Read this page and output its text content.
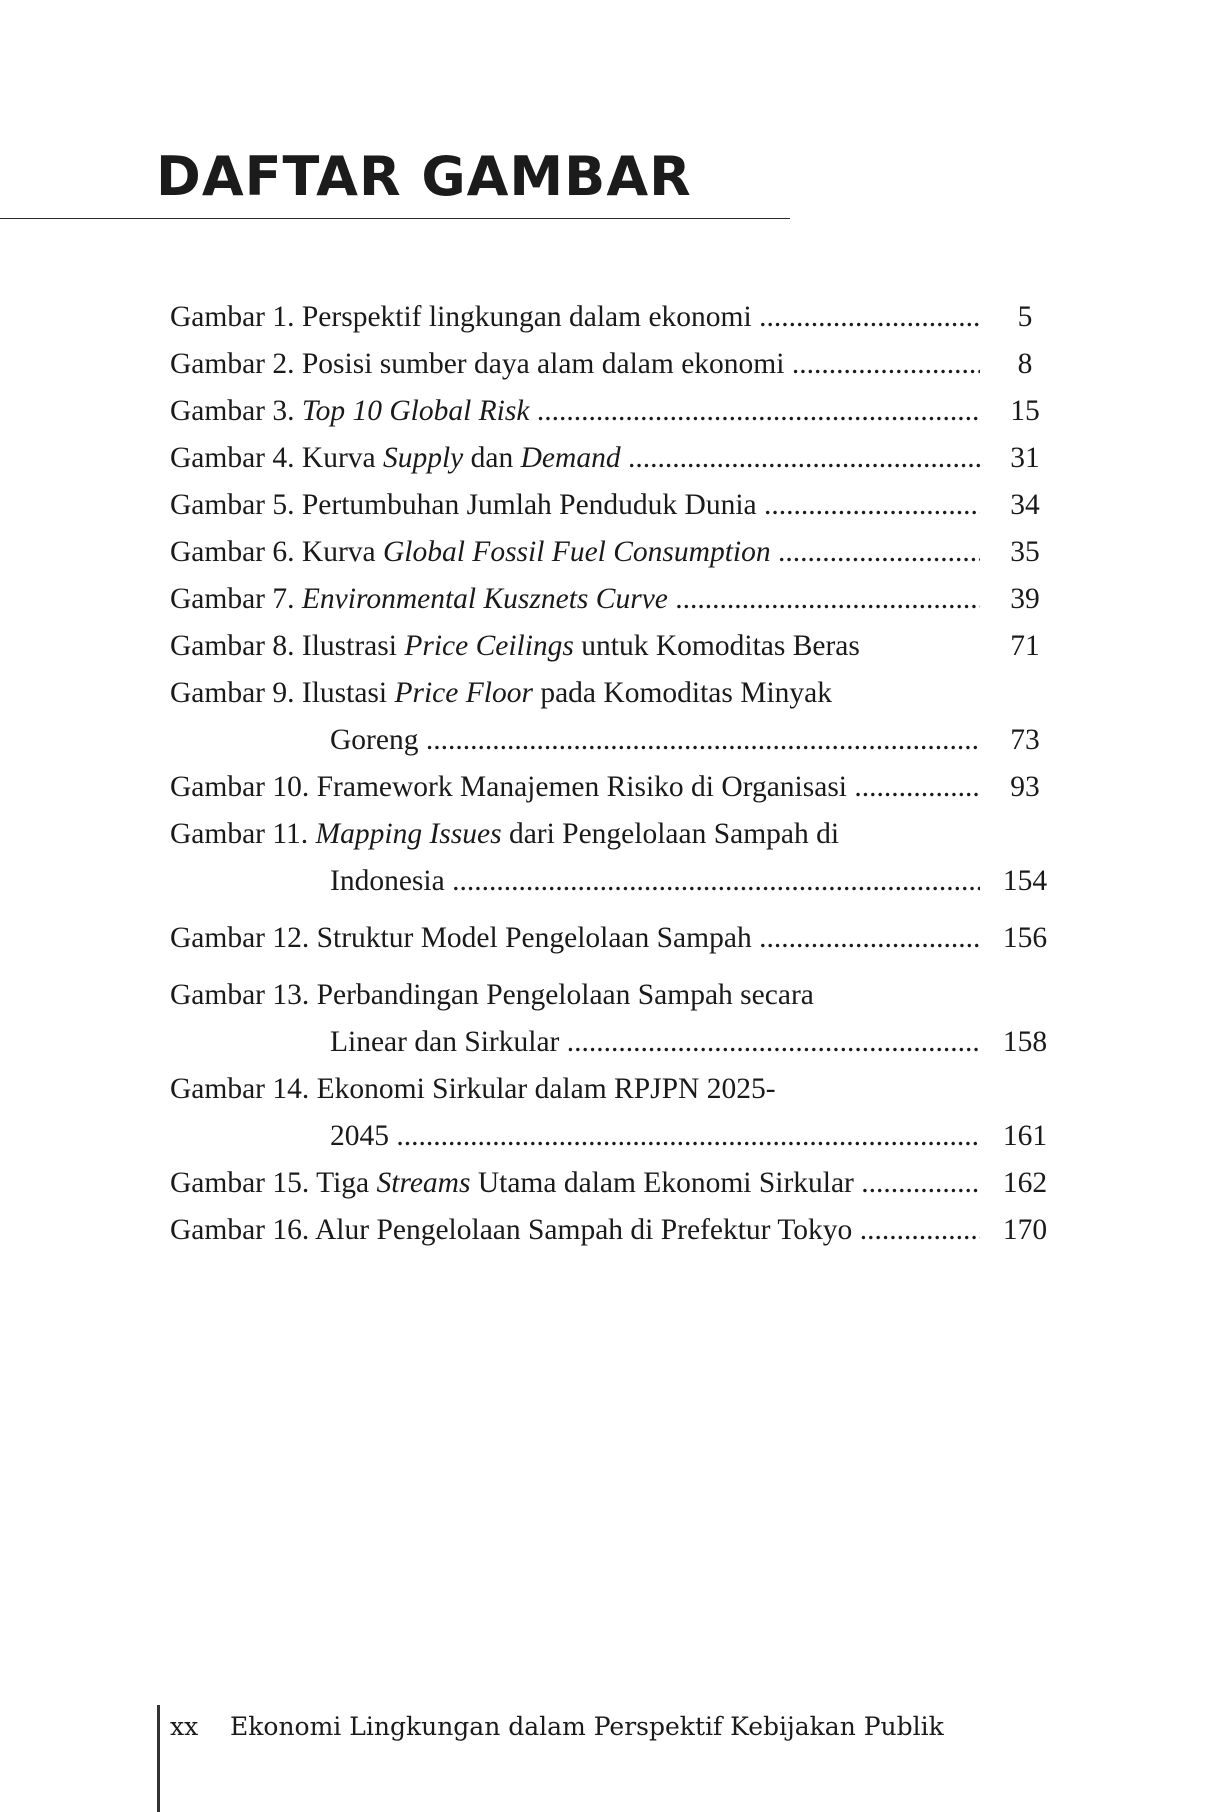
DAFTAR GAMBAR
Gambar 1. Perspektif lingkungan dalam ekonomi .....	5
Gambar 2. Posisi sumber daya alam dalam ekonomi .....	8
Gambar 3. Top 10 Global Risk .....	15
Gambar 4. Kurva Supply dan Demand .....	31
Gambar 5. Pertumbuhan Jumlah Penduduk Dunia .....	34
Gambar 6. Kurva Global Fossil Fuel Consumption .....	35
Gambar 7. Environmental Kusznets Curve .....	39
Gambar 8. Ilustrasi Price Ceilings untuk Komoditas Beras	71
Gambar 9. Ilustasi Price Floor pada Komoditas Minyak
Goreng .....	73
Gambar 10. Framework Manajemen Risiko di Organisasi .....	93
Gambar 11. Mapping Issues dari Pengelolaan Sampah di
Indonesia .....	154
Gambar 12. Struktur Model Pengelolaan Sampah .....	156
Gambar 13. Perbandingan Pengelolaan Sampah secara
Linear dan Sirkular .....	158
Gambar 14. Ekonomi Sirkular dalam RPJPN 2025-
2045 .....	161
Gambar 15. Tiga Streams Utama dalam Ekonomi Sirkular .....	162
Gambar 16. Alur Pengelolaan Sampah di Prefektur Tokyo .....	170
xx Ekonomi Lingkungan dalam Perspektif Kebijakan Publik
